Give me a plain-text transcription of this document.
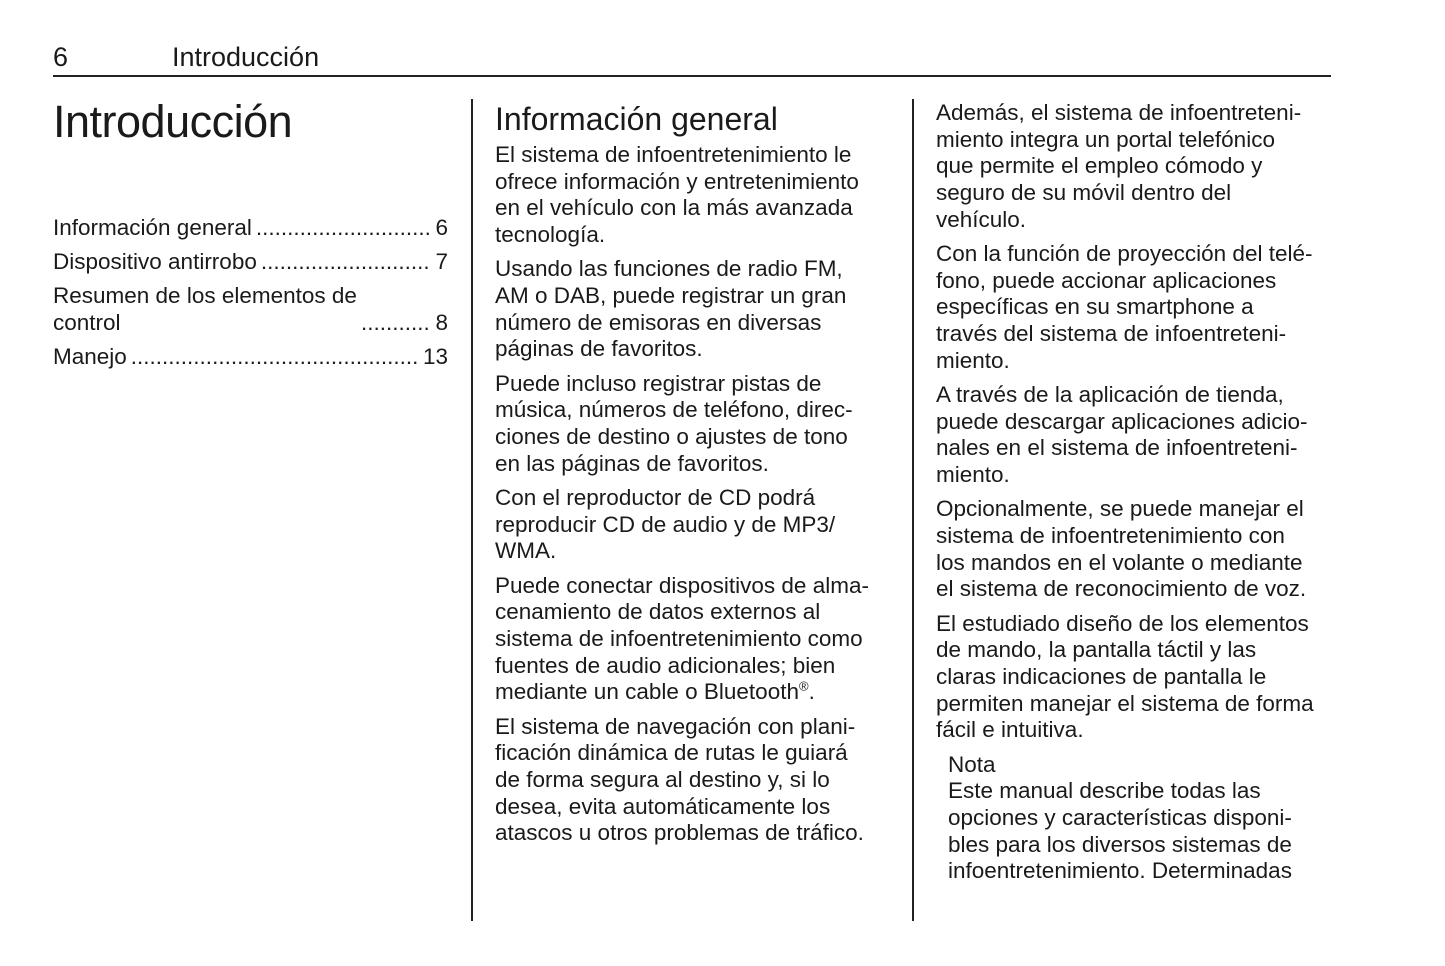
6	Introducción
Introducción
Información general .....	6
Dispositivo antirrobo .....	7
Resumen de los elementos de
control .....	8
Manejo .....	13
Información general
El sistema de infoentretenimiento le
ofrece información y entretenimiento
en el vehículo con la más avanzada
tecnología.
Usando las funciones de radio FM,
AM o DAB, puede registrar un gran
número de emisoras en diversas
páginas de favoritos.
Puede incluso registrar pistas de
música, números de teléfono, direc-
ciones de destino o ajustes de tono
en las páginas de favoritos.
Con el reproductor de CD podrá
reproducir CD de audio y de MP3/
WMA.
Puede conectar dispositivos de alma-
cenamiento de datos externos al
sistema de infoentretenimiento como
fuentes de audio adicionales; bien
mediante un cable o Bluetooth®.
El sistema de navegación con plani-
ficación dinámica de rutas le guiará
de forma segura al destino y, si lo
desea, evita automáticamente los
atascos u otros problemas de tráfico.
Además, el sistema de infoentreteni-
miento integra un portal telefónico
que permite el empleo cómodo y
seguro de su móvil dentro del
vehículo.
Con la función de proyección del telé-
fono, puede accionar aplicaciones
específicas en su smartphone a
través del sistema de infoentreteni-
miento.
A través de la aplicación de tienda,
puede descargar aplicaciones adicio-
nales en el sistema de infoentreteni-
miento.
Opcionalmente, se puede manejar el
sistema de infoentretenimiento con
los mandos en el volante o mediante
el sistema de reconocimiento de voz.
El estudiado diseño de los elementos
de mando, la pantalla táctil y las
claras indicaciones de pantalla le
permiten manejar el sistema de forma
fácil e intuitiva.
Nota
Este manual describe todas las
opciones y características disponi-
bles para los diversos sistemas de
infoentretenimiento. Determinadas
